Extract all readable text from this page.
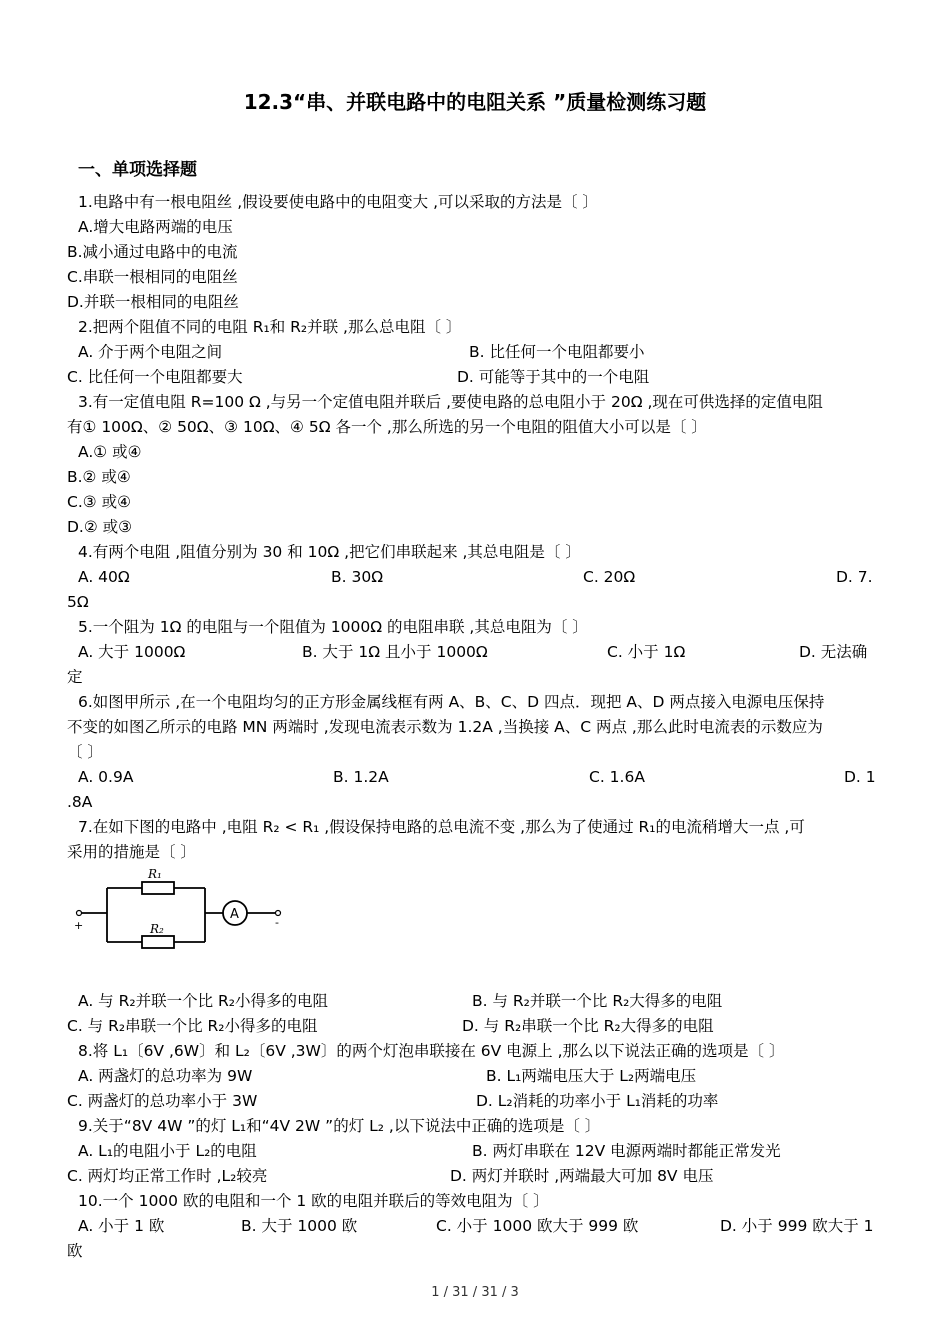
12.3“串、并联电路中的电阻关系 ”质量检测练习题
一、单项选择题
1.电路中有一根电阻丝 ,假设要使电路中的电阻变大 ,可以采取的方法是〔 〕
A.增大电路两端的电压
B.减小通过电路中的电流
C.串联一根相同的电阻丝
D.并联一根相同的电阻丝
2.把两个阻值不同的电阻 R₁和 R₂并联 ,那么总电阻〔 〕
A. 介于两个电阻之间	B. 比任何一个电阻都要小
C. 比任何一个电阻都要大	D. 可能等于其中的一个电阻
3.有一定值电阻 R=100 Ω ,与另一个定值电阻并联后 ,要使电路的总电阻小于 20Ω ,现在可供选择的定值电阻
有① 100Ω、② 50Ω、③ 10Ω、④ 5Ω 各一个 ,那么所选的另一个电阻的阻值大小可以是〔 〕
A.① 或④
B.② 或④
C.③ 或④
D.② 或③
4.有两个电阻 ,阻值分别为 30 和 10Ω ,把它们串联起来 ,其总电阻是〔 〕
A. 40Ω	B. 30Ω	C. 20Ω	D. 7.
5Ω
5.一个阻为 1Ω 的电阻与一个阻值为 1000Ω 的电阻串联 ,其总电阻为〔 〕
A. 大于 1000Ω	B. 大于 1Ω 且小于 1000Ω	C. 小于 1Ω	D. 无法确
定
6.如图甲所示 ,在一个电阻均匀的正方形金属线框有两 A、B、C、D 四点．现把 A、D 两点接入电源电压保持
不变的如图乙所示的电路 MN 两端时 ,发现电流表示数为 1.2A ,当换接 A、C 两点 ,那么此时电流表的示数应为
〔 〕
A. 0.9A	B. 1.2A	C. 1.6A	D. 1
.8A
7.在如下图的电路中 ,电阻 R₂ < R₁ ,假设保持电路的总电流不变 ,那么为了使通过 R₁的电流稍增大一点 ,可
采用的措施是〔 〕
+
R₁
R₂
A
-
A. 与 R₂并联一个比 R₂小得多的电阻	B. 与 R₂并联一个比 R₂大得多的电阻
C. 与 R₂串联一个比 R₂小得多的电阻	D. 与 R₂串联一个比 R₂大得多的电阻
8.将 L₁〔6V ,6W〕和 L₂〔6V ,3W〕的两个灯泡串联接在 6V 电源上 ,那么以下说法正确的选项是〔 〕
A. 两盏灯的总功率为 9W	B. L₁两端电压大于 L₂两端电压
C. 两盏灯的总功率小于 3W	D. L₂消耗的功率小于 L₁消耗的功率
9.关于“8V 4W ”的灯 L₁和“4V 2W ”的灯 L₂ ,以下说法中正确的选项是〔 〕
A. L₁的电阻小于 L₂的电阻	B. 两灯串联在 12V 电源两端时都能正常发光
C. 两灯均正常工作时 ,L₂较亮	D. 两灯并联时 ,两端最大可加 8V 电压
10.一个 1000 欧的电阻和一个 1 欧的电阻并联后的等效电阻为〔 〕
A. 小于 1 欧	B. 大于 1000 欧	C. 小于 1000 欧大于 999 欧	D. 小于 999 欧大于 1
欧
1 / 31 / 31 / 3
